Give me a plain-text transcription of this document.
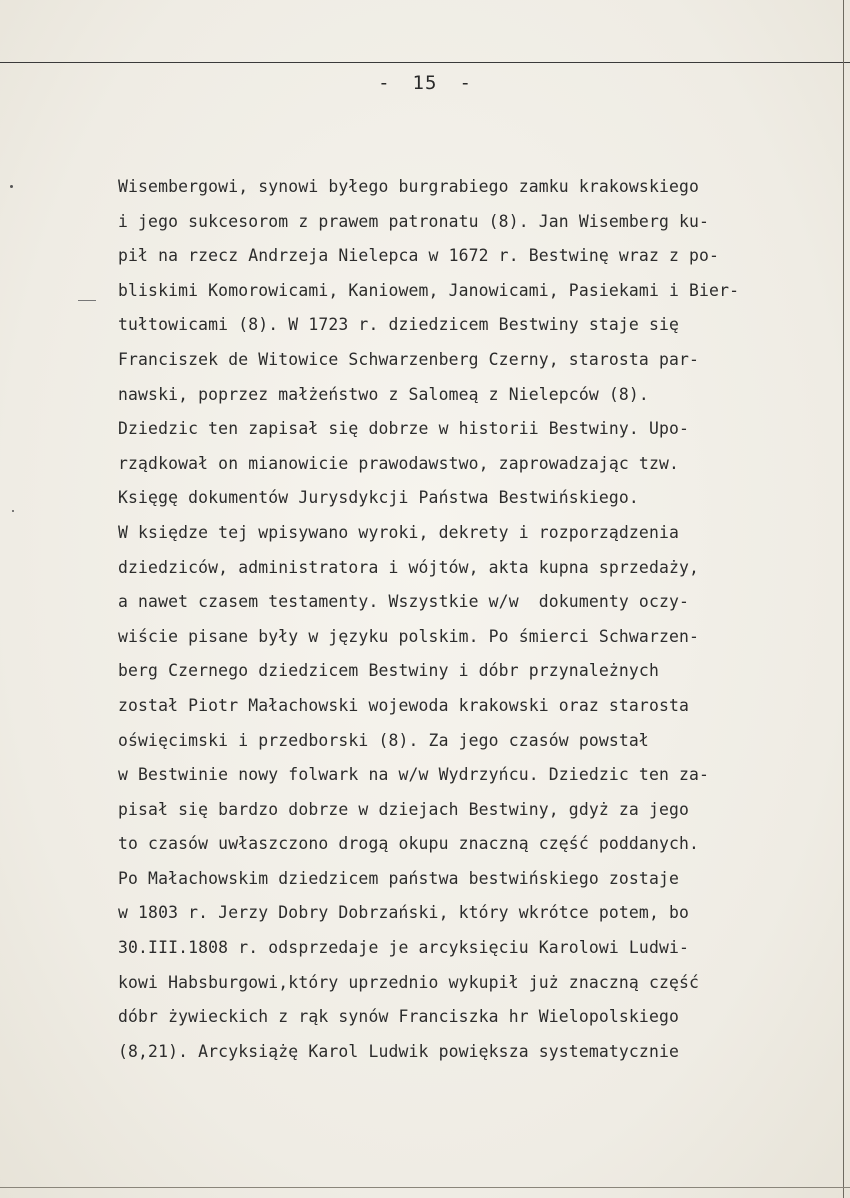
- 15 -
Wisembergowi, synowi byłego burgrabiego zamku krakowskiego
i jego sukcesorom z prawem patronatu (8). Jan Wisemberg ku-
pił na rzecz Andrzeja Nielepca w 1672 r. Bestwinę wraz z po-
bliskimi Komorowicami, Kaniowem, Janowicami, Pasiekami i Bier-
tułtowicami (8). W 1723 r. dziedzicem Bestwiny staje się
Franciszek de Witowice Schwarzenberg Czerny, starosta par-
nawski, poprzez małżeństwo z Salomeą z Nielepców (8).
Dziedzic ten zapisał się dobrze w historii Bestwiny. Upo-
rządkował on mianowicie prawodawstwo, zaprowadzając tzw.
Księgę dokumentów Jurysdykcji Państwa Bestwińskiego.
W księdze tej wpisywano wyroki, dekrety i rozporządzenia
dziedziców, administratora i wójtów, akta kupna sprzedaży,
a nawet czasem testamenty. Wszystkie w/w  dokumenty oczy-
wiście pisane były w języku polskim. Po śmierci Schwarzen-
berg Czernego dziedzicem Bestwiny i dóbr przynależnych
został Piotr Małachowski wojewoda krakowski oraz starosta
oświęcimski i przedborski (8). Za jego czasów powstał
w Bestwinie nowy folwark na w/w Wydrzyńcu. Dziedzic ten za-
pisał się bardzo dobrze w dziejach Bestwiny, gdyż za jego
to czasów uwłaszczono drogą okupu znaczną część poddanych.
Po Małachowskim dziedzicem państwa bestwińskiego zostaje
w 1803 r. Jerzy Dobry Dobrzański, który wkrótce potem, bo
30.III.1808 r. odsprzedaje je arcyksięciu Karolowi Ludwi-
kowi Habsburgowi,który uprzednio wykupił już znaczną część
dóbr żywieckich z rąk synów Franciszka hr Wielopolskiego
(8,21). Arcyksiążę Karol Ludwik powiększa systematycznie
